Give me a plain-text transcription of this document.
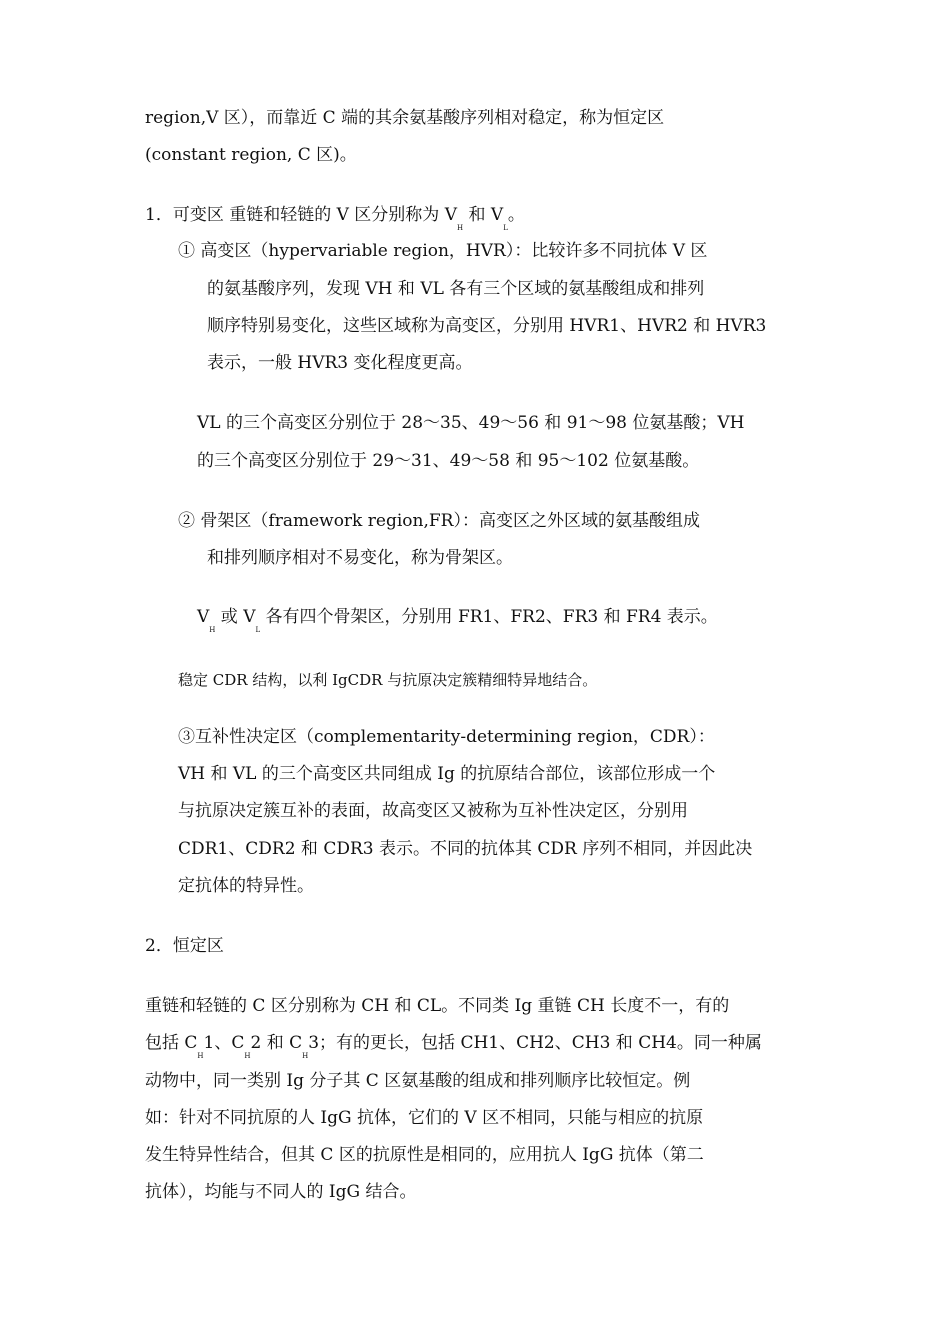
region,V 区），而靠近 C 端的其余氨基酸序列相对稳定，称为恒定区
(constant region, C 区)。
1．可变区 重链和轻链的 V 区分别称为 $V_H$ 和 $V_L$。
① 高变区（hypervariable region，HVR）：比较许多不同抗体 V 区
的氨基酸序列，发现 VH 和 VL 各有三个区域的氨基酸组成和排列
顺序特别易变化，这些区域称为高变区，分别用 HVR1、HVR2 和 HVR3
表示，一般 HVR3 变化程度更高。
VL 的三个高变区分别位于 28～35、49～56 和 91～98 位氨基酸；VH
的三个高变区分别位于 29～31、49～58 和 95～102 位氨基酸。
② 骨架区（framework region,FR）：高变区之外区域的氨基酸组成
和排列顺序相对不易变化，称为骨架区。
$V_H$ 或 $V_L$ 各有四个骨架区，分别用 FR1、FR2、FR3 和 FR4 表示。
稳定 CDR 结构，以利 IgCDR 与抗原决定簇精细特异地结合。
③互补性决定区（complementarity-determining region，CDR）：
VH 和 VL 的三个高变区共同组成 Ig 的抗原结合部位，该部位形成一个
与抗原决定簇互补的表面，故高变区又被称为互补性决定区，分别用
CDR1、CDR2 和 CDR3 表示。不同的抗体其 CDR 序列不相同，并因此决
定抗体的特异性。
2．恒定区
重链和轻链的 C 区分别称为 CH 和 CL。不同类 Ig 重链 CH 长度不一，有的
包括 $C_H1$、$C_H2$ 和 $C_H3$；有的更长，包括 CH1、CH2、CH3 和 CH4。同一种属
动物中，同一类别 Ig 分子其 C 区氨基酸的组成和排列顺序比较恒定。例
如：针对不同抗原的人 IgG 抗体，它们的 V 区不相同，只能与相应的抗原
发生特异性结合，但其 C 区的抗原性是相同的，应用抗人 IgG 抗体（第二
抗体），均能与不同人的 IgG 结合。
